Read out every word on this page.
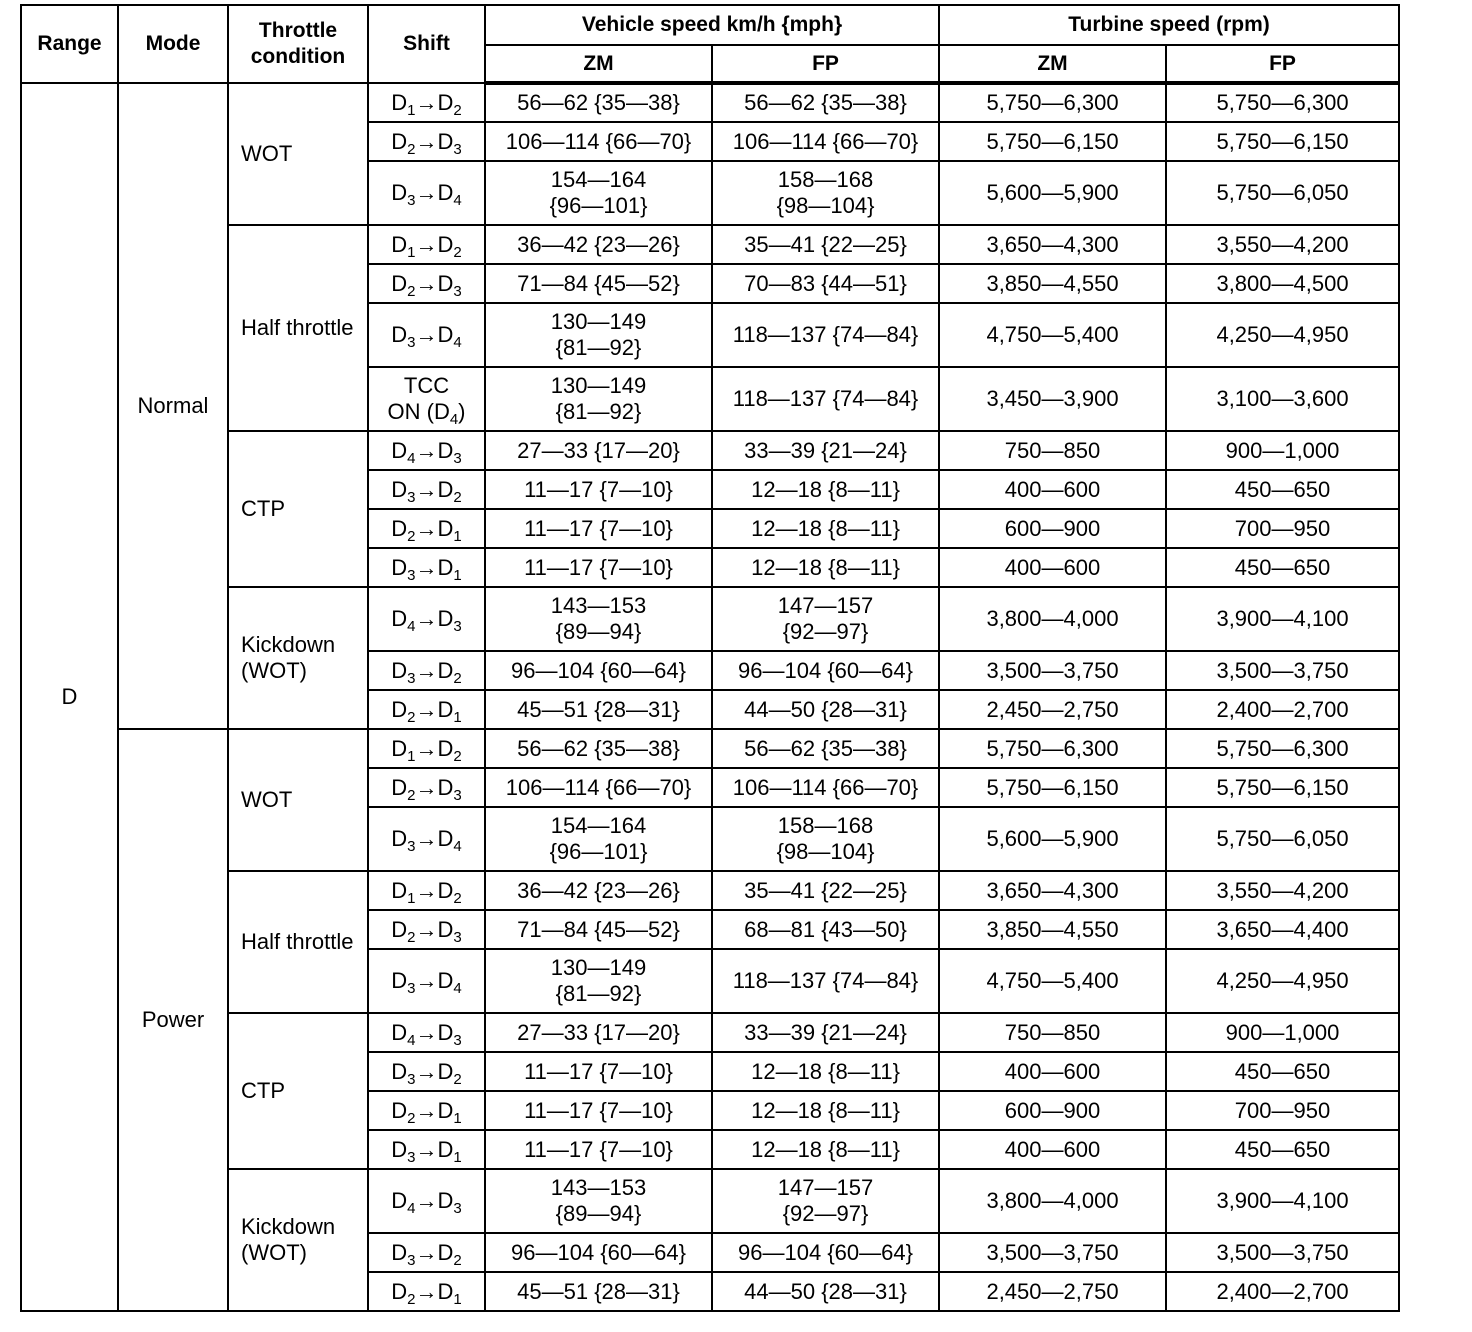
Range	Mode	Throttle condition	Shift	Vehicle speed km/h {mph}		Turbine speed (rpm)	
				ZM	FP	ZM	FP
D	Normal	WOT	$D_1\to D_2$	56—62 {35—38}	56—62 {35—38}	5,750—6,300	5,750—6,300
			$D_2\to D_3$	106—114 {66—70}	106—114 {66—70}	5,750—6,150	5,750—6,150
			$D_3\to D_4$	154—164
{96—101}	158—168
{98—104}	5,600—5,900	5,750—6,050
		Half throttle	$D_1\to D_2$	36—42 {23—26}	35—41 {22—25}	3,650—4,300	3,550—4,200
			$D_2\to D_3$	71—84 {45—52}	70—83 {44—51}	3,850—4,550	3,800—4,500
			$D_3\to D_4$	130—149
{81—92}	118—137 {74—84}	4,750—5,400	4,250—4,950

			TCC
ON $(D_4)$	130—149
{81—92}	118—137 {74—84}	3,450—3,900	3,100—3,600
		CTP	$D_4\to D_3$	27—33 {17—20}	33—39 {21—24}	750—850	900—1,000
			$D_3\to D_2$	11—17 {7—10}	12—18 {8—11}	400—600	450—650
			$D_2\to D_1$	11—17 {7—10}	12—18 {8—11}	600—900	700—950
			$D_3\to D_1$	11—17 {7—10}	12—18 {8—11}	400—600	450—650
		Kickdown (WOT)	$D_4\to D_3$	143—153
{89—94}	147—157
{92—97}	3,800—4,000	3,900—4,100
			$D_3\to D_2$	96—104 {60—64}	96—104 {60—64}	3,500—3,750	3,500—3,750
			$D_2\to D_1$	45—51 {28—31}	44—50 {28—31}	2,450—2,750	2,400—2,700
	Power	WOT	$D_1\to D_2$	56—62 {35—38}	56—62 {35—38}	5,750—6,300	5,750—6,300
			$D_2\to D_3$	106—114 {66—70}	106—114 {66—70}	5,750—6,150	5,750—6,150
			$D_3\to D_4$	154—164
{96—101}	158—168
{98—104}	5,600—5,900	5,750—6,050
		Half throttle	$D_1\to D_2$	36—42 {23—26}	35—41 {22—25}	3,650—4,300	3,550—4,200
			$D_2\to D_3$	71—84 {45—52}	68—81 {43—50}	3,850—4,550	3,650—4,400
			$D_3\to D_4$	130—149
{81—92}	118—137 {74—84}	4,750—5,400	4,250—4,950
		CTP	$D_4\to D_3$	27—33 {17—20}	33—39 {21—24}	750—850	900—1,000
			$D_3\to D_2$	11—17 {7—10}	12—18 {8—11}	400—600	450—650
			$D_2\to D_1$	11—17 {7—10}	12—18 {8—11}	600—900	700—950
			$D_3\to D_1$	11—17 {7—10}	12—18 {8—11}	400—600	450—650
		Kickdown (WOT)	$D_4\to D_3$	143—153
{89—94}	147—157
{92—97}	3,800—4,000	3,900—4,100
			$D_3\to D_2$	96—104 {60—64}	96—104 {60—64}	3,500—3,750	3,500—3,750
			$D_2\to D_1$	45—51 {28—31}	44—50 {28—31}	2,450—2,750	2,400—2,700
